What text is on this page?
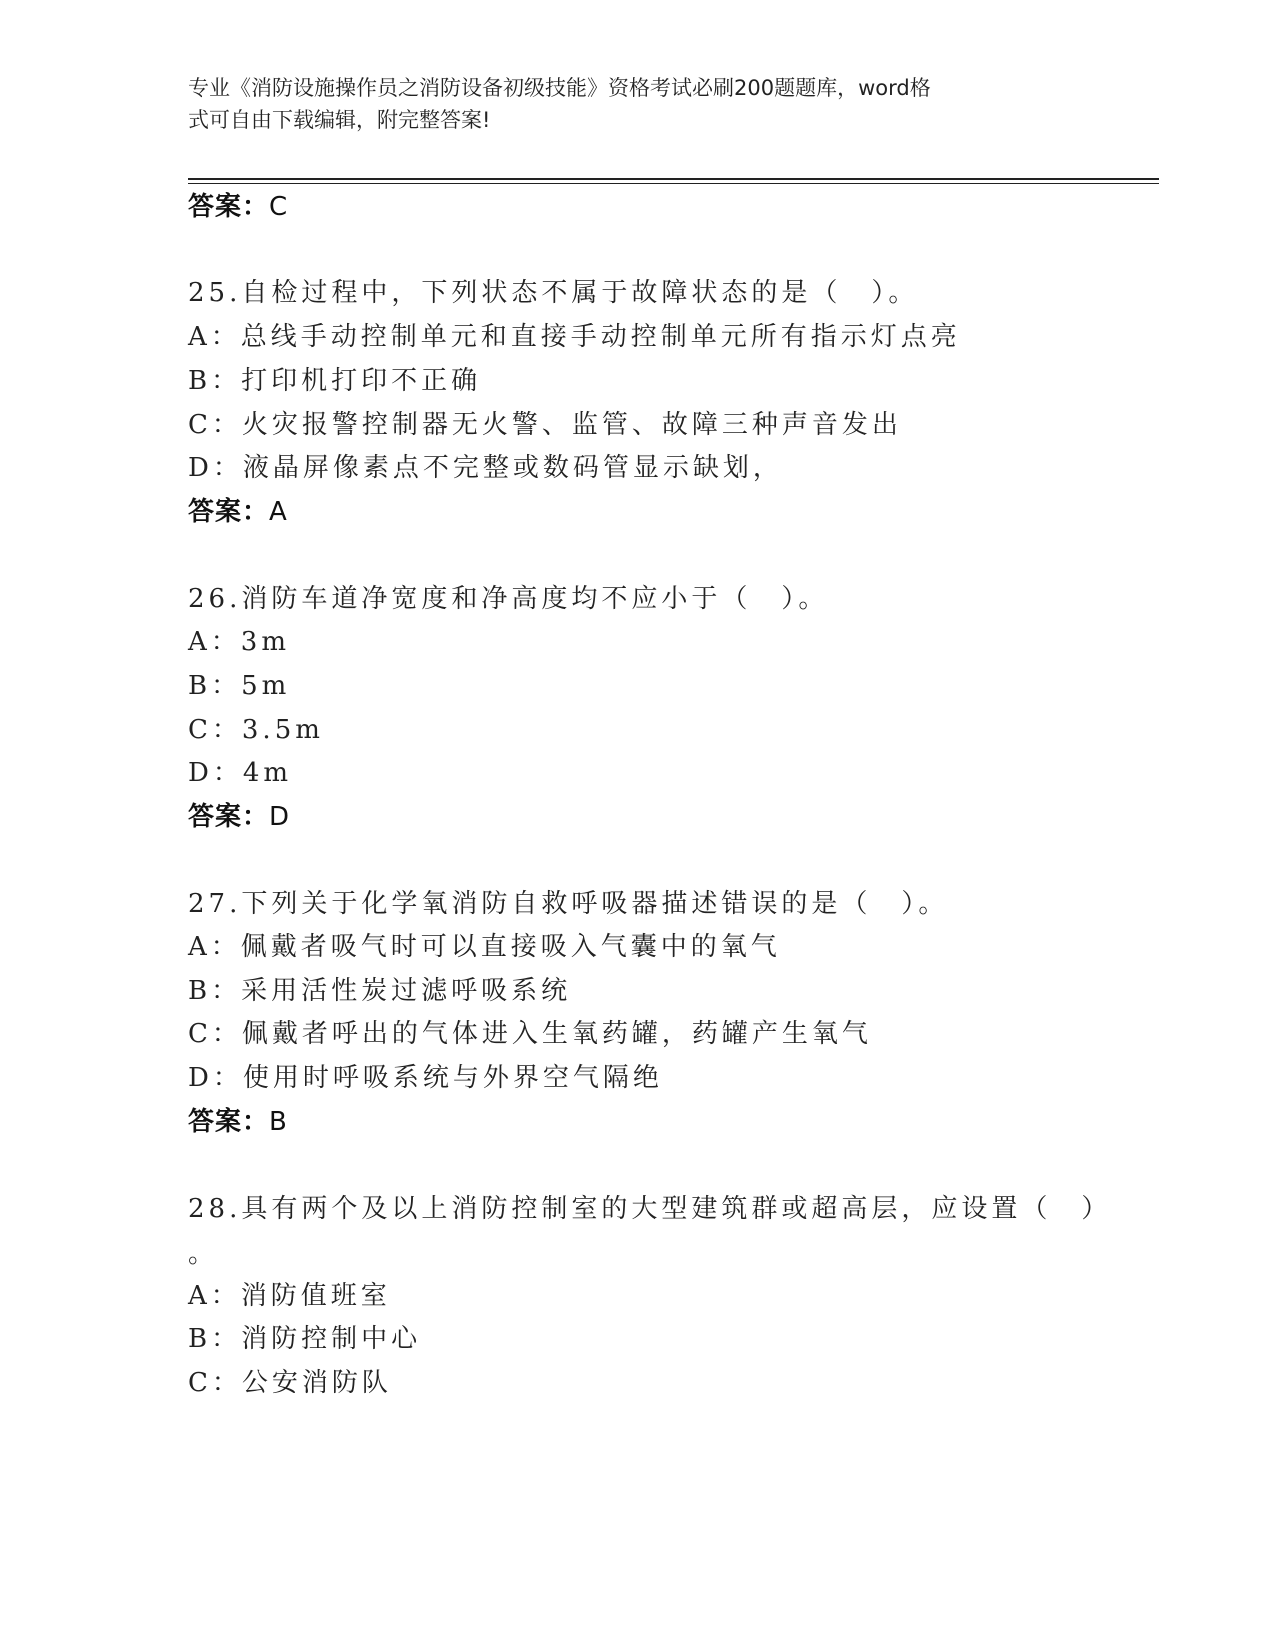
专业《消防设施操作员之消防设备初级技能》资格考试必刷200题题库，word格
式可自由下载编辑，附完整答案!
答案：C
25.自检过程中，下列状态不属于故障状态的是（　）。
A：总线手动控制单元和直接手动控制单元所有指示灯点亮
B：打印机打印不正确
C：火灾报警控制器无火警、监管、故障三种声音发出
D：液晶屏像素点不完整或数码管显示缺划，
答案：A
26.消防车道净宽度和净高度均不应小于（　）。
A：3m
B：5m
C：3.5m
D：4m
答案：D
27.下列关于化学氧消防自救呼吸器描述错误的是（　）。
A：佩戴者吸气时可以直接吸入气囊中的氧气
B：采用活性炭过滤呼吸系统
C：佩戴者呼出的气体进入生氧药罐，药罐产生氧气
D：使用时呼吸系统与外界空气隔绝
答案：B
28.具有两个及以上消防控制室的大型建筑群或超高层，应设置（　）
。
A：消防值班室
B：消防控制中心
C：公安消防队
